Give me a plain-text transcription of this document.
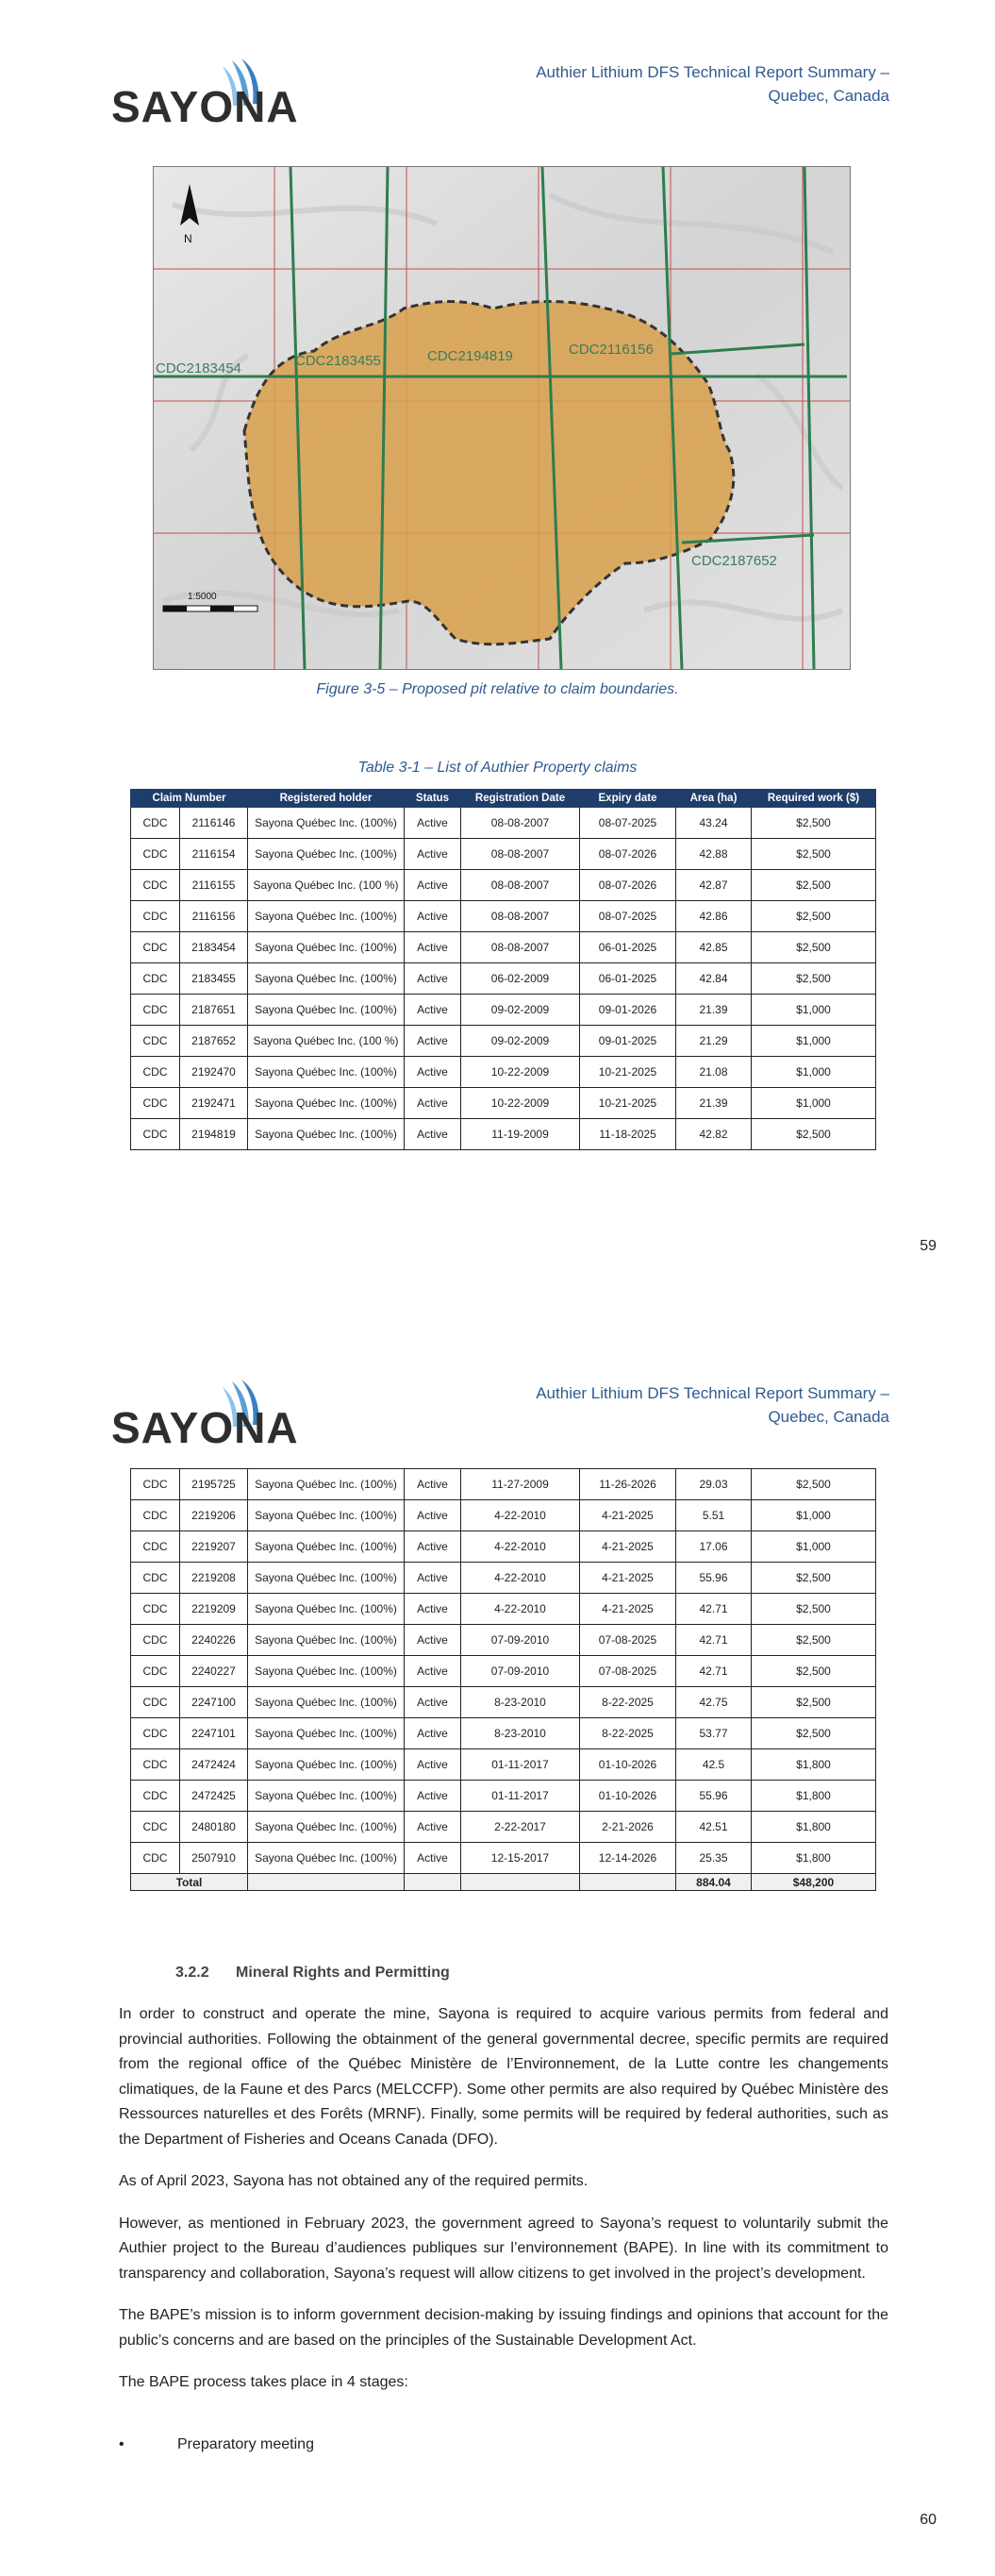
SAYONA
Authier Lithium DFS Technical Report Summary –
Quebec, Canada
CDC2183454	CDC2183455	CDC2194819	CDC2116156
CDC2187652
N
1:5000
Figure 3-5 – Proposed pit relative to claim boundaries.
Table 3-1 – List of Authier Property claims
Claim Number		Registered holder	Status	Registration Date	Expiry date	Area (ha)	Required work ($)
CDC	2116146	Sayona Québec Inc. (100%)	Active	08-08-2007	08-07-2025	43.24	$2,500
CDC	2116154	Sayona Québec Inc. (100%)	Active	08-08-2007	08-07-2026	42.88	$2,500
CDC	2116155	Sayona Québec Inc. (100 %)	Active	08-08-2007	08-07-2026	42.87	$2,500
CDC	2116156	Sayona Québec Inc. (100%)	Active	08-08-2007	08-07-2025	42.86	$2,500
CDC	2183454	Sayona Québec Inc. (100%)	Active	08-08-2007	06-01-2025	42.85	$2,500
CDC	2183455	Sayona Québec Inc. (100%)	Active	06-02-2009	06-01-2025	42.84	$2,500
CDC	2187651	Sayona Québec Inc. (100%)	Active	09-02-2009	09-01-2026	21.39	$1,000
CDC	2187652	Sayona Québec Inc. (100 %)	Active	09-02-2009	09-01-2025	21.29	$1,000
CDC	2192470	Sayona Québec Inc. (100%)	Active	10-22-2009	10-21-2025	21.08	$1,000
CDC	2192471	Sayona Québec Inc. (100%)	Active	10-22-2009	10-21-2025	21.39	$1,000
CDC	2194819	Sayona Québec Inc. (100%)	Active	11-19-2009	11-18-2025	42.82	$2,500
59
SAYONA
Authier Lithium DFS Technical Report Summary –
Quebec, Canada
CDC	2195725	Sayona Québec Inc. (100%)	Active	11-27-2009	11-26-2026	29.03	$2,500
CDC	2219206	Sayona Québec Inc. (100%)	Active	4-22-2010	4-21-2025	5.51	$1,000
CDC	2219207	Sayona Québec Inc. (100%)	Active	4-22-2010	4-21-2025	17.06	$1,000
CDC	2219208	Sayona Québec Inc. (100%)	Active	4-22-2010	4-21-2025	55.96	$2,500
CDC	2219209	Sayona Québec Inc. (100%)	Active	4-22-2010	4-21-2025	42.71	$2,500
CDC	2240226	Sayona Québec Inc. (100%)	Active	07-09-2010	07-08-2025	42.71	$2,500
CDC	2240227	Sayona Québec Inc. (100%)	Active	07-09-2010	07-08-2025	42.71	$2,500
CDC	2247100	Sayona Québec Inc. (100%)	Active	8-23-2010	8-22-2025	42.75	$2,500
CDC	2247101	Sayona Québec Inc. (100%)	Active	8-23-2010	8-22-2025	53.77	$2,500
CDC	2472424	Sayona Québec Inc. (100%)	Active	01-11-2017	01-10-2026	42.5	$1,800
CDC	2472425	Sayona Québec Inc. (100%)	Active	01-11-2017	01-10-2026	55.96	$1,800
CDC	2480180	Sayona Québec Inc. (100%)	Active	2-22-2017	2-21-2026	42.51	$1,800
CDC	2507910	Sayona Québec Inc. (100%)	Active	12-15-2017	12-14-2026	25.35	$1,800
Total						884.04	$48,200
3.2.2 Mineral Rights and Permitting

In order to construct and operate the mine, Sayona is required to acquire various permits from federal and provincial authorities. Following the obtainment of the general governmental decree, specific permits are required from the regional office of the Québec Ministère de l’Environnement, de la Lutte contre les changements climatiques, de la Faune et des Parcs (MELCCFP). Some other permits are also required by Québec Ministère des Ressources naturelles et des Forêts (MRNF). Finally, some permits will be required by federal authorities, such as the Department of Fisheries and Oceans Canada (DFO).

As of April 2023, Sayona has not obtained any of the required permits.

However, as mentioned in February 2023, the government agreed to Sayona’s request to voluntarily submit the Authier project to the Bureau d’audiences publiques sur l’environnement (BAPE). In line with its commitment to transparency and collaboration, Sayona’s request will allow citizens to get involved in the project’s development.

The BAPE’s mission is to inform government decision-making by issuing findings and opinions that account for the public’s concerns and are based on the principles of the Sustainable Development Act.

The BAPE process takes place in 4 stages:

•	Preparatory meeting
60
